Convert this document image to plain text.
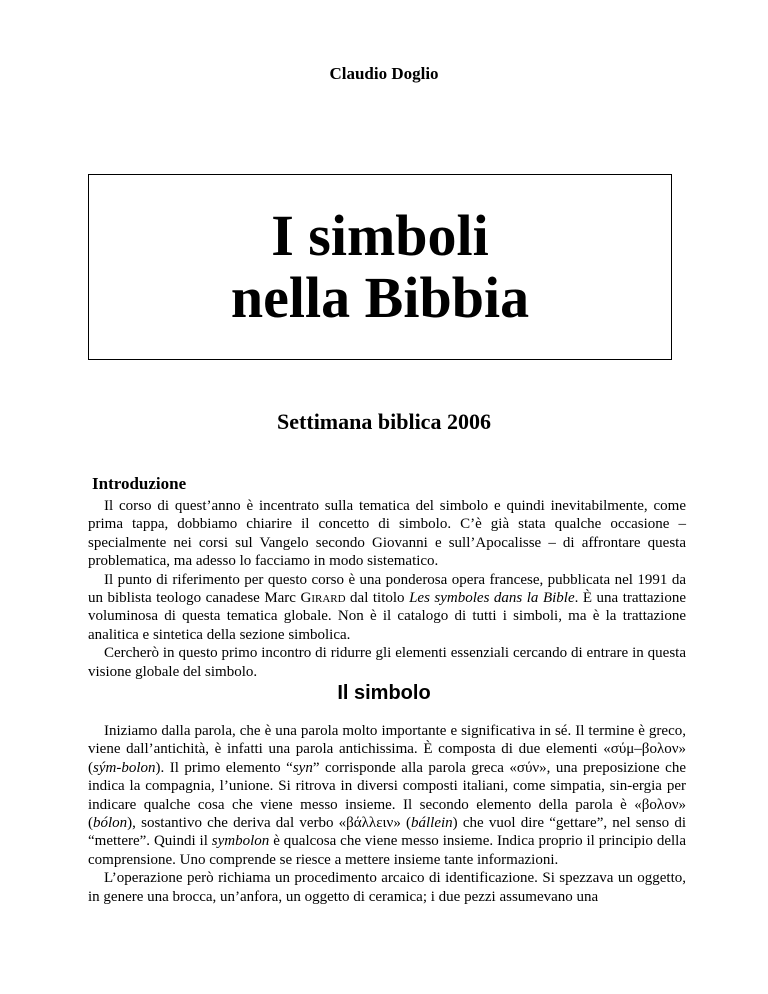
Claudio Doglio
I simboli
nella Bibbia
Settimana biblica 2006
Introduzione

Il corso di quest’anno è incentrato sulla tematica del simbolo e quindi inevitabilmente, come prima tappa, dobbiamo chiarire il concetto di simbolo. C’è già stata qualche occasione – specialmente nei corsi sul Vangelo secondo Giovanni e sull’Apocalisse – di affrontare questa problematica, ma adesso lo facciamo in modo sistematico.

Il punto di riferimento per questo corso è una ponderosa opera francese, pubblicata nel 1991 da un biblista teologo canadese Marc Girard dal titolo Les symboles dans la Bible. È una trattazione voluminosa di questa tematica globale. Non è il catalogo di tutti i simboli, ma è la trattazione analitica e sintetica della sezione simbolica.

Cercherò in questo primo incontro di ridurre gli elementi essenziali cercando di entrare in questa visione globale del simbolo.

Il simbolo

Iniziamo dalla parola, che è una parola molto importante e significativa in sé. Il termine è greco, viene dall’antichità, è infatti una parola antichissima. È composta di due elementi «σύμ–βολον» (sým-bolon). Il primo elemento “syn” corrisponde alla parola greca «σύν», una preposizione che indica la compagnia, l’unione. Si ritrova in diversi composti italiani, come simpatia, sin-ergia per indicare qualche cosa che viene messo insieme. Il secondo elemento della parola è «βολον» (bólon), sostantivo che deriva dal verbo «βάλλειν» (bállein) che vuol dire “gettare”, nel senso di “mettere”. Quindi il symbolon è qualcosa che viene messo insieme. Indica proprio il principio della comprensione. Uno comprende se riesce a mettere insieme tante informazioni.

L’operazione però richiama un procedimento arcaico di identificazione. Si spezzava un oggetto, in genere una brocca, un’anfora, un oggetto di ceramica; i due pezzi assumevano una
